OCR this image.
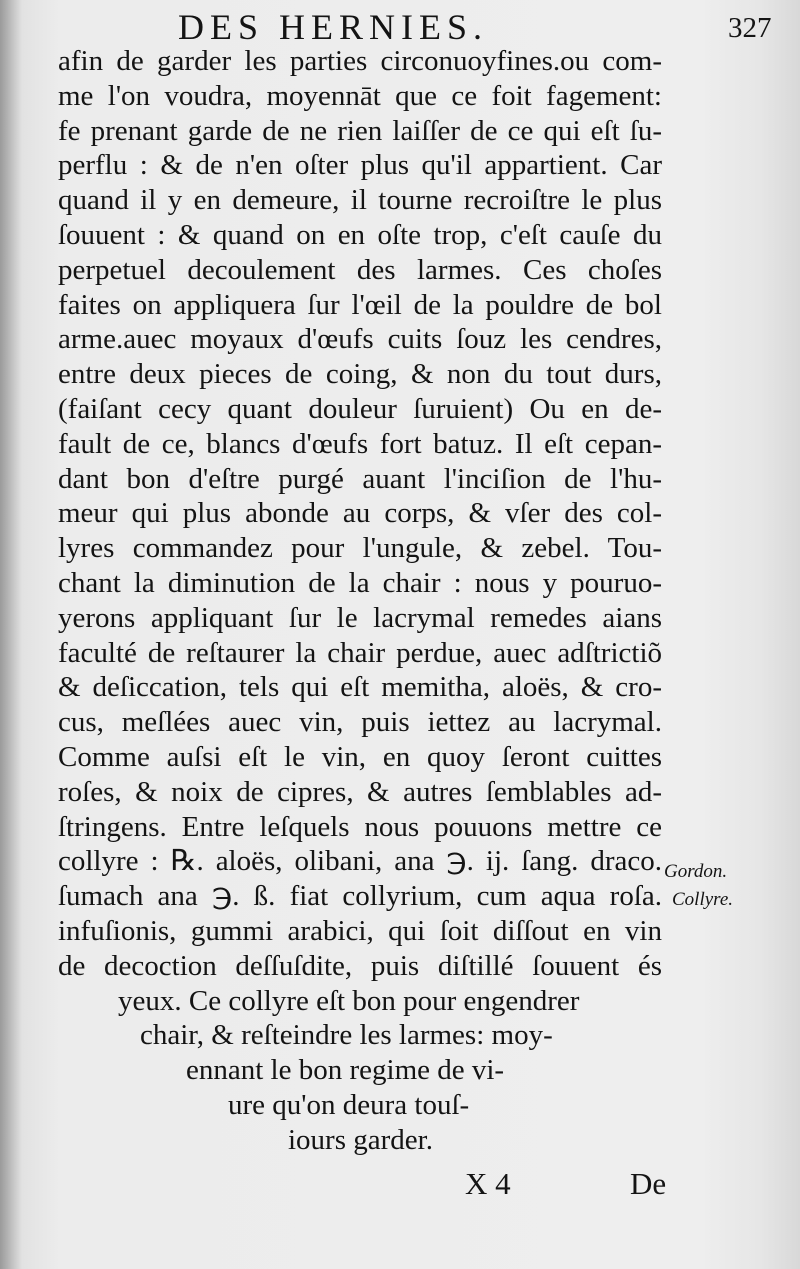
DES HERNIES.	327
afin de garder les parties circonuoyfines.ou com-
me l'on voudra, moyennāt que ce foit fagement:
fe prenant garde de ne rien laiſſer de ce qui eſt ſu-
perflu : & de n'en oſter plus qu'il appartient. Car
quand il y en demeure, il tourne recroiſtre le plus
ſouuent : & quand on en oſte trop, c'eſt cauſe du
perpetuel decoulement des larmes. Ces choſes
faites on appliquera ſur l'œil de la pouldre de bol
arme.auec moyaux d'œufs cuits ſouz les cendres,
entre deux pieces de coing, & non du tout durs,
(faiſant cecy quant douleur ſuruient) Ou en de-
fault de ce, blancs d'œufs fort batuz. Il eſt cepan-
dant bon d'eſtre purgé auant l'inciſion de l'hu-
meur qui plus abonde au corps, & vſer des col-
lyres commandez pour l'ungule, & zebel. Tou-
chant la diminution de la chair : nous y pouruo-
yerons appliquant ſur le lacrymal remedes aians
faculté de reſtaurer la chair perdue, auec adſtrictiõ
& deſiccation, tels qui eſt memitha, aloës, & cro-
cus, meſlées auec vin, puis iettez au lacrymal.
Comme auſsi eſt le vin, en quoy ſeront cuittes
roſes, & noix de cipres, & autres ſemblables ad-
ſtringens. Entre leſquels nous pouuons mettre ce
collyre : ℞. aloës, olibani, ana ℈. ij. ſang. draco.
ſumach ana ℈. ß. fiat collyrium, cum aqua roſa.
infuſionis, gummi arabici, qui ſoit diſſout en vin
de decoction deſſuſdite, puis diſtillé ſouuent és
yeux. Ce collyre eſt bon pour engendrer
chair, & reſteindre les larmes: moy-
ennant le bon regime de vi-
ure qu'on deura touſ-
iours garder.
Gordon.
Collyre.
X 4	De
